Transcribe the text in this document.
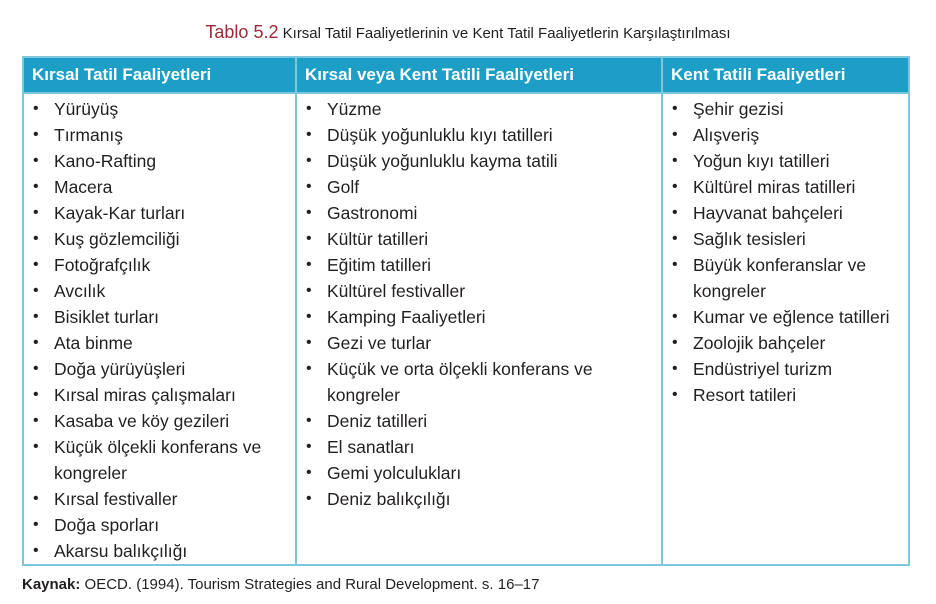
Tablo 5.2 Kırsal Tatil Faaliyetlerinin ve Kent Tatil Faaliyetlerin Karşılaştırılması
Kırsal Tatil Faaliyetleri	Kırsal veya Kent Tatili Faaliyetleri	Kent Tatili Faaliyetleri
• Yürüyüş
• Tırmanış
• Kano-Rafting
• Macera
• Kayak-Kar turları
• Kuş gözlemciliği
• Fotoğrafçılık
• Avcılık
• Bisiklet turları
• Ata binme
• Doğa yürüyüşleri
• Kırsal miras çalışmaları
• Kasaba ve köy gezileri
• Küçük ölçekli konferans ve kongreler
• Kırsal festivaller
• Doğa sporları
• Akarsu balıkçılığı
• Yüzme
• Düşük yoğunluklu kıyı tatilleri
• Düşük yoğunluklu kayma tatili
• Golf
• Gastronomi
• Kültür tatilleri
• Eğitim tatilleri
• Kültürel festivaller
• Kamping Faaliyetleri
• Gezi ve turlar
• Küçük ve orta ölçekli konferans ve kongreler
• Deniz tatilleri
• El sanatları
• Gemi yolculukları
• Deniz balıkçılığı
• Şehir gezisi
• Alışveriş
• Yoğun kıyı tatilleri
• Kültürel miras tatilleri
• Hayvanat bahçeleri
• Sağlık tesisleri
• Büyük konferanslar ve kongreler
• Kumar ve eğlence tatilleri
• Zoolojik bahçeler
• Endüstriyel turizm
• Resort tatileri
Kaynak: OECD. (1994). Tourism Strategies and Rural Development. s. 16–17
